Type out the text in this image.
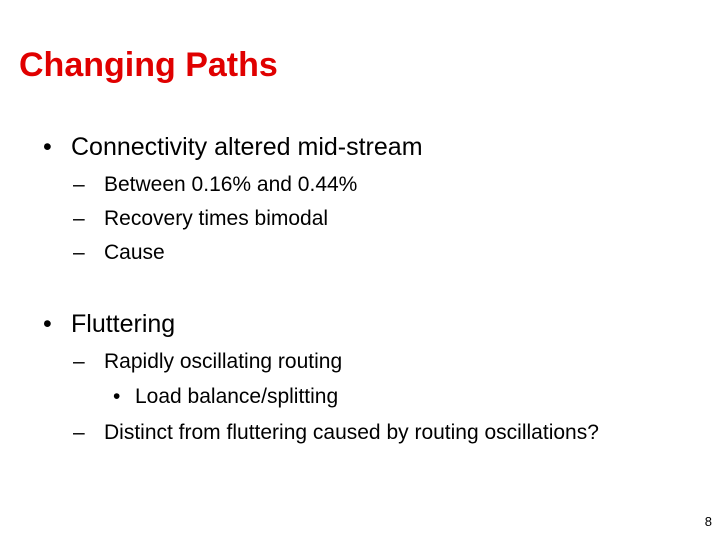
Changing Paths
• Connectivity altered mid-stream
– Between 0.16% and 0.44%
– Recovery times bimodal
– Cause
• Fluttering
– Rapidly oscillating routing
• Load balance/splitting
– Distinct from fluttering caused by routing oscillations?
8
